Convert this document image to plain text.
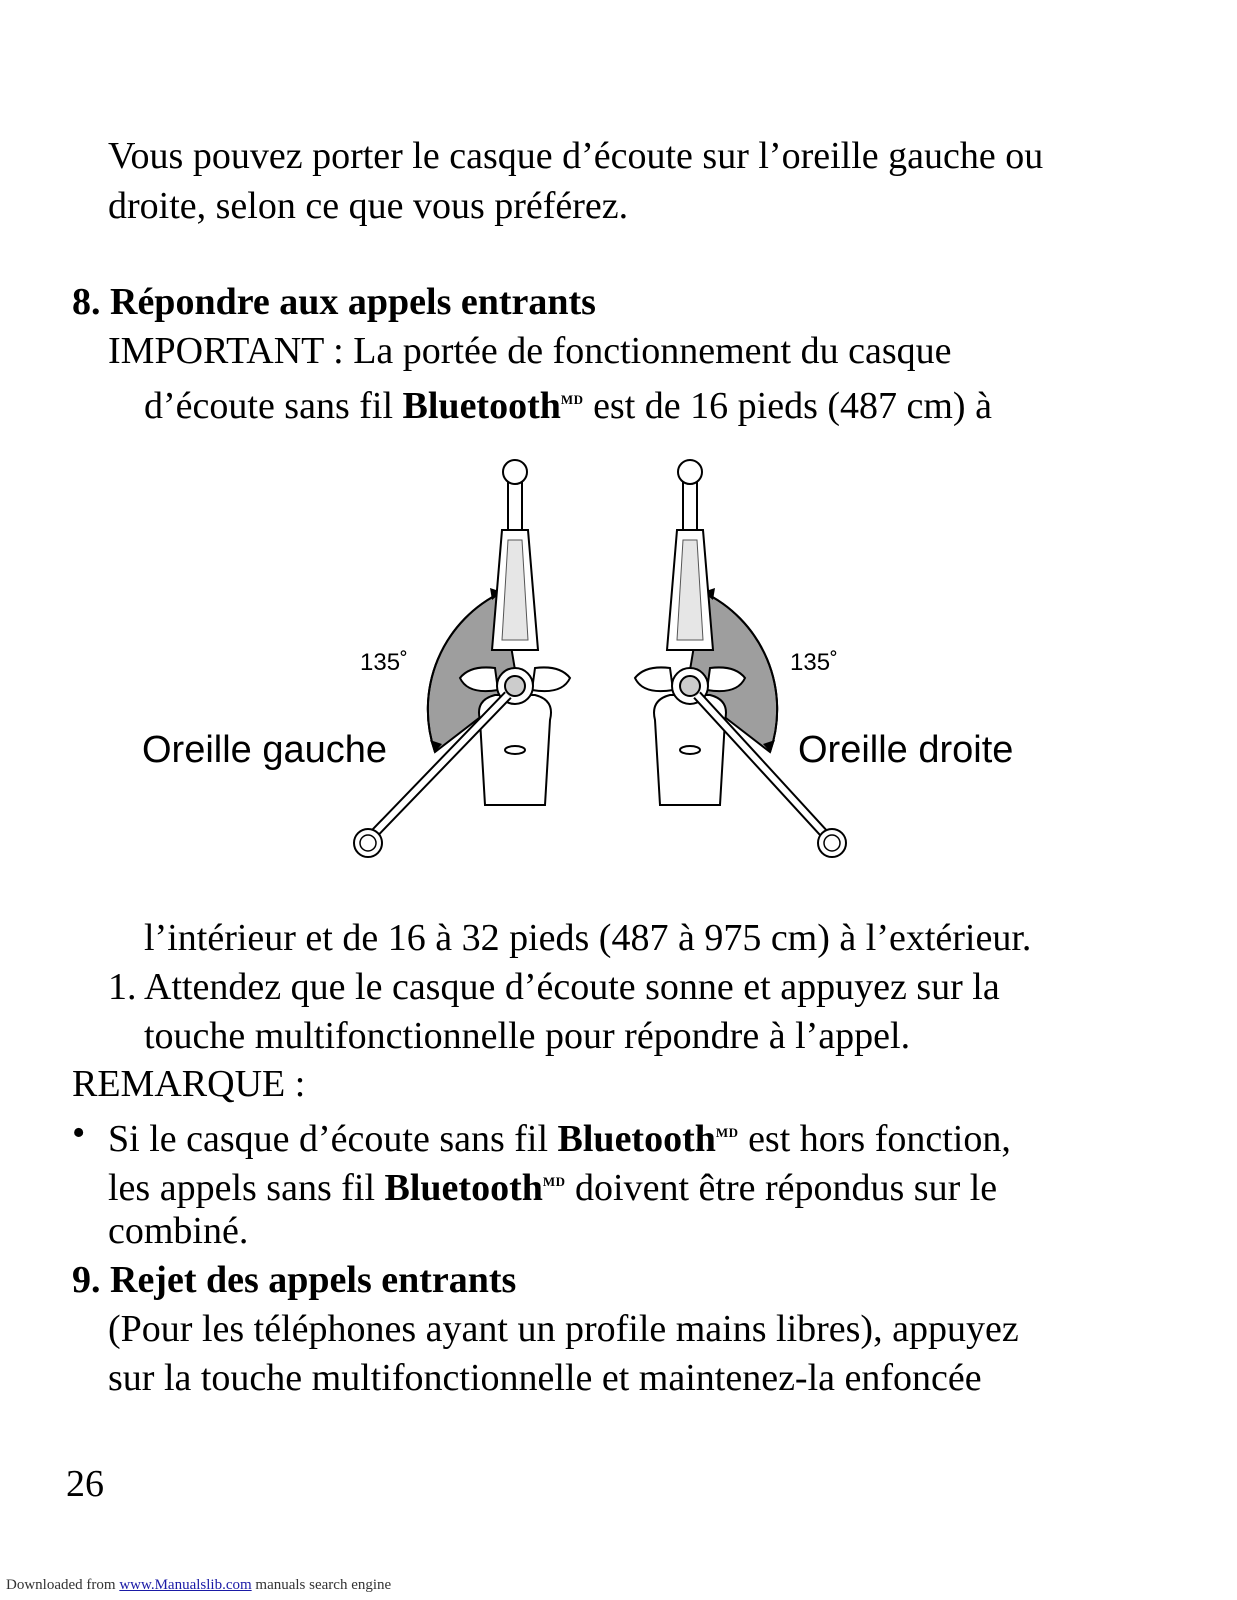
Vous pouvez porter le casque d’écoute sur l’oreille gauche ou
droite, selon ce que vous préférez.
8. Répondre aux appels entrants
IMPORTANT : La portée de fonctionnement du casque
d’écoute sans fil Bluetooth$^{MD}$ est de 16 pieds (487 cm) à
135˚	135˚
Oreille gauche	Oreille droite
l’intérieur et de 16 à 32 pieds (487 à 975 cm) à l’extérieur.
1. Attendez que le casque d’écoute sonne et appuyez sur la
touche multifonctionnelle pour répondre à l’appel.
REMARQUE :
• Si le casque d’écoute sans fil Bluetooth$^{MD}$ est hors fonction,
les appels sans fil Bluetooth$^{MD}$ doivent être répondus sur le
combiné.
9. Rejet des appels entrants
(Pour les téléphones ayant un profile mains libres), appuyez
sur la touche multifonctionnelle et maintenez-la enfoncée
26
Downloaded from www.Manualslib.com manuals search engine
